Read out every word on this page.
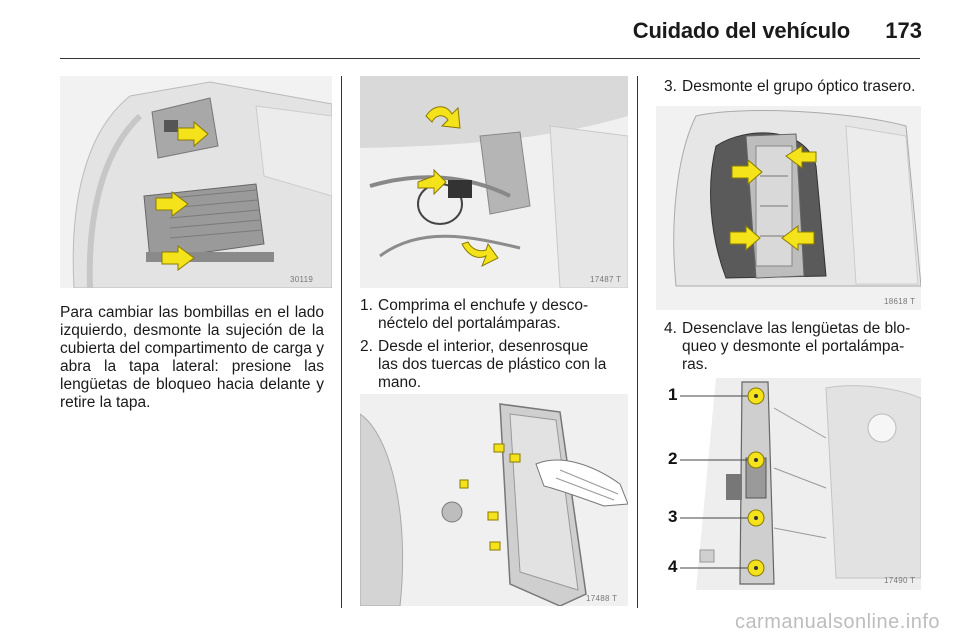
Cuidado del vehículo	173
30119

Para cambiar las bombillas en el lado izquierdo, desmonte la sujeción de la cubierta del compartimento de carga y abra la tapa lateral: presione las lengüetas de bloqueo hacia delante y retire la tapa.

17487 T
1. Comprima el enchufe y desco-
néctelo del portalámparas.
2. Desde el interior, desenrosque
las dos tuercas de plástico con la
mano.
17488 T
3. Desmonte el grupo óptico trasero.
18618 T
4. Desenclave las lengüetas de blo-
queo y desmonte el portalámpa-
ras.
1
2
3
4
17490 T
carmanualsonline.info
